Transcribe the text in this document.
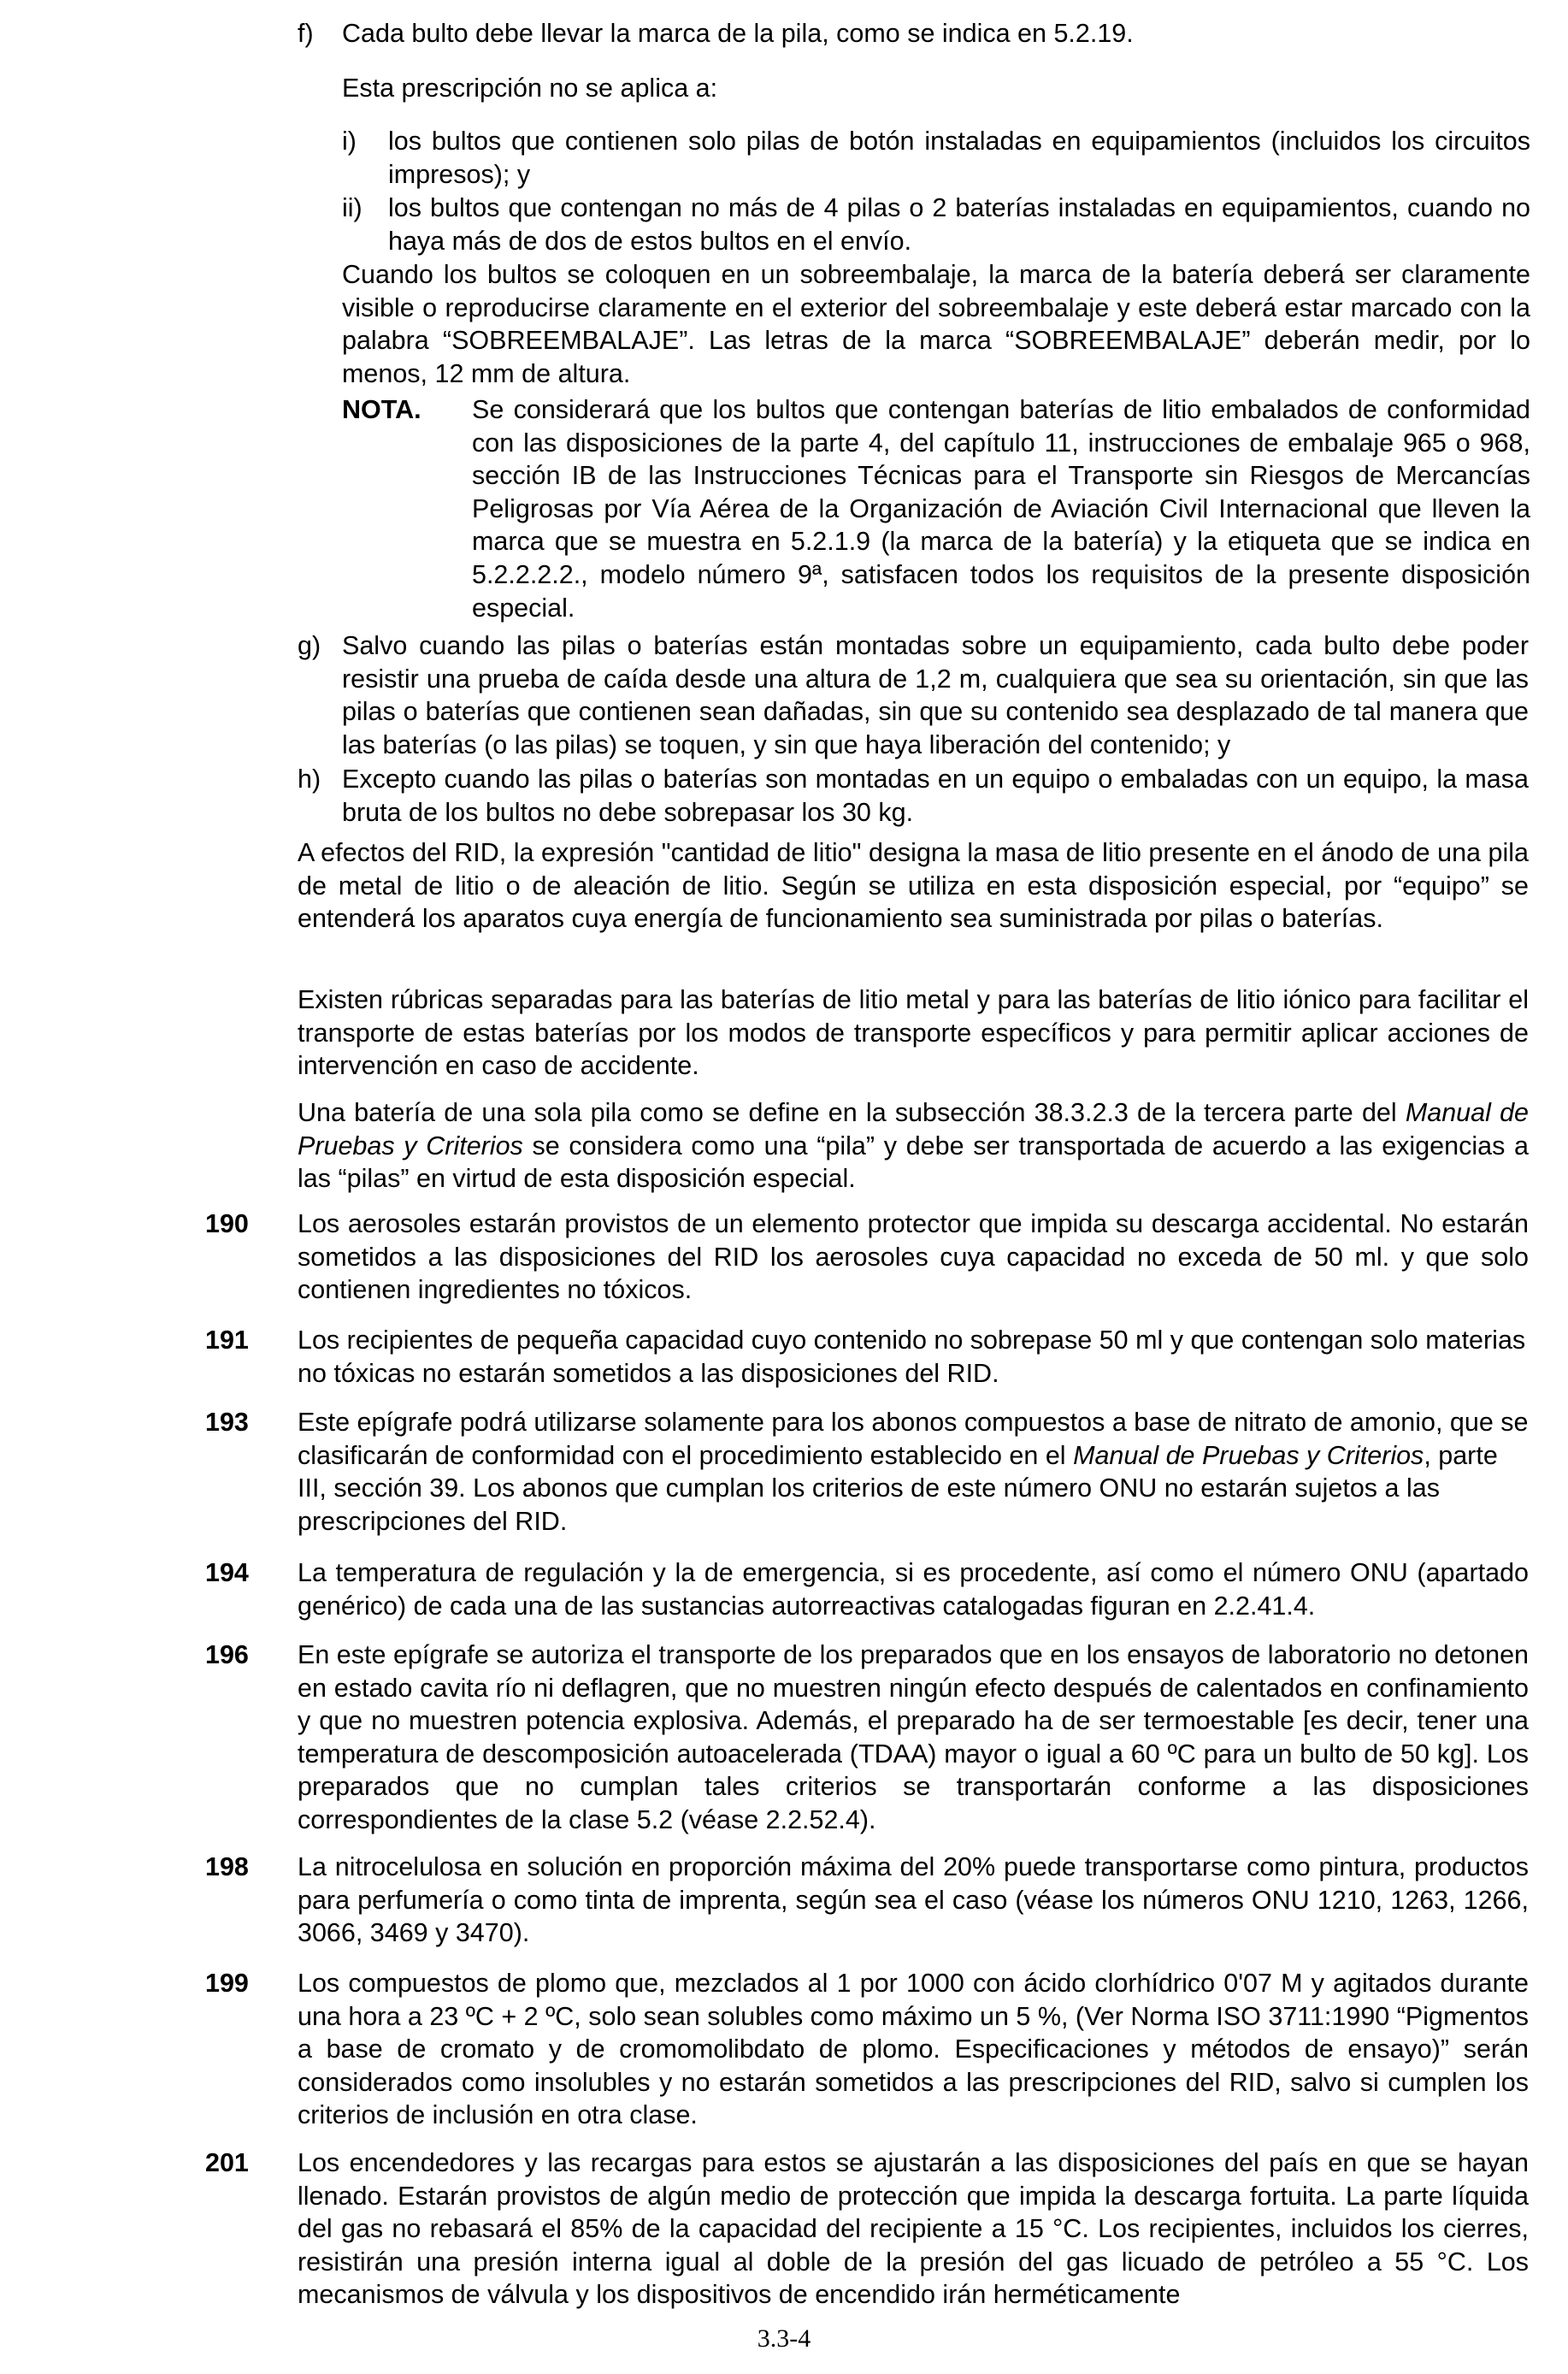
f) Cada bulto debe llevar la marca de la pila, como se indica en 5.2.19.

Esta prescripción no se aplica a:

i) los bultos que contienen solo pilas de botón instaladas en equipamientos (incluidos los circuitos impresos); y

ii) los bultos que contengan no más de 4 pilas o 2 baterías instaladas en equipamientos, cuando no haya más de dos de estos bultos en el envío.

Cuando los bultos se coloquen en un sobreembalaje, la marca de la batería deberá ser claramente visible o reproducirse claramente en el exterior del sobreembalaje y este deberá estar marcado con la palabra “SOBREEMBALAJE”. Las letras de la marca “SOBREEMBALAJE” deberán medir, por lo menos, 12 mm de altura.

NOTA. Se considerará que los bultos que contengan baterías de litio embalados de conformidad con las disposiciones de la parte 4, del capítulo 11, instrucciones de embalaje 965 o 968, sección IB de las Instrucciones Técnicas para el Transporte sin Riesgos de Mercancías Peligrosas por Vía Aérea de la Organización de Aviación Civil Internacional que lleven la marca que se muestra en 5.2.1.9 (la marca de la batería) y la etiqueta que se indica en 5.2.2.2.2., modelo número 9ª, satisfacen todos los requisitos de la presente disposición especial.

g) Salvo cuando las pilas o baterías están montadas sobre un equipamiento, cada bulto debe poder resistir una prueba de caída desde una altura de 1,2 m, cualquiera que sea su orientación, sin que las pilas o baterías que contienen sean dañadas, sin que su contenido sea desplazado de tal manera que las baterías (o las pilas) se toquen, y sin que haya liberación del contenido; y

h) Excepto cuando las pilas o baterías son montadas en un equipo o embaladas con un equipo, la masa bruta de los bultos no debe sobrepasar los 30 kg.

A efectos del RID, la expresión "cantidad de litio" designa la masa de litio presente en el ánodo de una pila de metal de litio o de aleación de litio. Según se utiliza en esta disposición especial, por “equipo” se entenderá los aparatos cuya energía de funcionamiento sea suministrada por pilas o baterías.

Existen rúbricas separadas para las baterías de litio metal y para las baterías de litio iónico para facilitar el transporte de estas baterías por los modos de transporte específicos y para permitir aplicar acciones de intervención en caso de accidente.

Una batería de una sola pila como se define en la subsección 38.3.2.3 de la tercera parte del Manual de Pruebas y Criterios se considera como una “pila” y debe ser transportada de acuerdo a las exigencias a las “pilas” en virtud de esta disposición especial.

190 Los aerosoles estarán provistos de un elemento protector que impida su descarga accidental. No estarán sometidos a las disposiciones del RID los aerosoles cuya capacidad no exceda de 50 ml. y que solo contienen ingredientes no tóxicos.

191 Los recipientes de pequeña capacidad cuyo contenido no sobrepase 50 ml y que contengan solo materias no tóxicas no estarán sometidos a las disposiciones del RID.

193 Este epígrafe podrá utilizarse solamente para los abonos compuestos a base de nitrato de amonio, que se clasificarán de conformidad con el procedimiento establecido en el Manual de Pruebas y Criterios, parte III, sección 39. Los abonos que cumplan los criterios de este número ONU no estarán sujetos a las prescripciones del RID.

194 La temperatura de regulación y la de emergencia, si es procedente, así como el número ONU (apartado genérico) de cada una de las sustancias autorreactivas catalogadas figuran en 2.2.41.4.

196 En este epígrafe se autoriza el transporte de los preparados que en los ensayos de laboratorio no detonen en estado cavita río ni deflagren, que no muestren ningún efecto después de calentados en confinamiento y que no muestren potencia explosiva. Además, el preparado ha de ser termoestable [es decir, tener una temperatura de descomposición autoacelerada (TDAA) mayor o igual a 60 ºC para un bulto de 50 kg]. Los preparados que no cumplan tales criterios se transportarán conforme a las disposiciones correspondientes de la clase 5.2 (véase 2.2.52.4).

198 La nitrocelulosa en solución en proporción máxima del 20% puede transportarse como pintura, productos para perfumería o como tinta de imprenta, según sea el caso (véase los números ONU 1210, 1263, 1266, 3066, 3469 y 3470).

199 Los compuestos de plomo que, mezclados al 1 por 1000 con ácido clorhídrico 0'07 M y agitados durante una hora a 23 ºC + 2 ºC, solo sean solubles como máximo un 5 %, (Ver Norma ISO 3711:1990 “Pigmentos a base de cromato y de cromomolibdato de plomo. Especificaciones y métodos de ensayo)” serán considerados como insolubles y no estarán sometidos a las prescripciones del RID, salvo si cumplen los criterios de inclusión en otra clase.

201 Los encendedores y las recargas para estos se ajustarán a las disposiciones del país en que se hayan llenado. Estarán provistos de algún medio de protección que impida la descarga fortuita. La parte líquida del gas no rebasará el 85% de la capacidad del recipiente a 15 °C. Los recipientes, incluidos los cierres, resistirán una presión interna igual al doble de la presión del gas licuado de petróleo a 55 °C. Los mecanismos de válvula y los dispositivos de encendido irán herméticamente

3.3-4
